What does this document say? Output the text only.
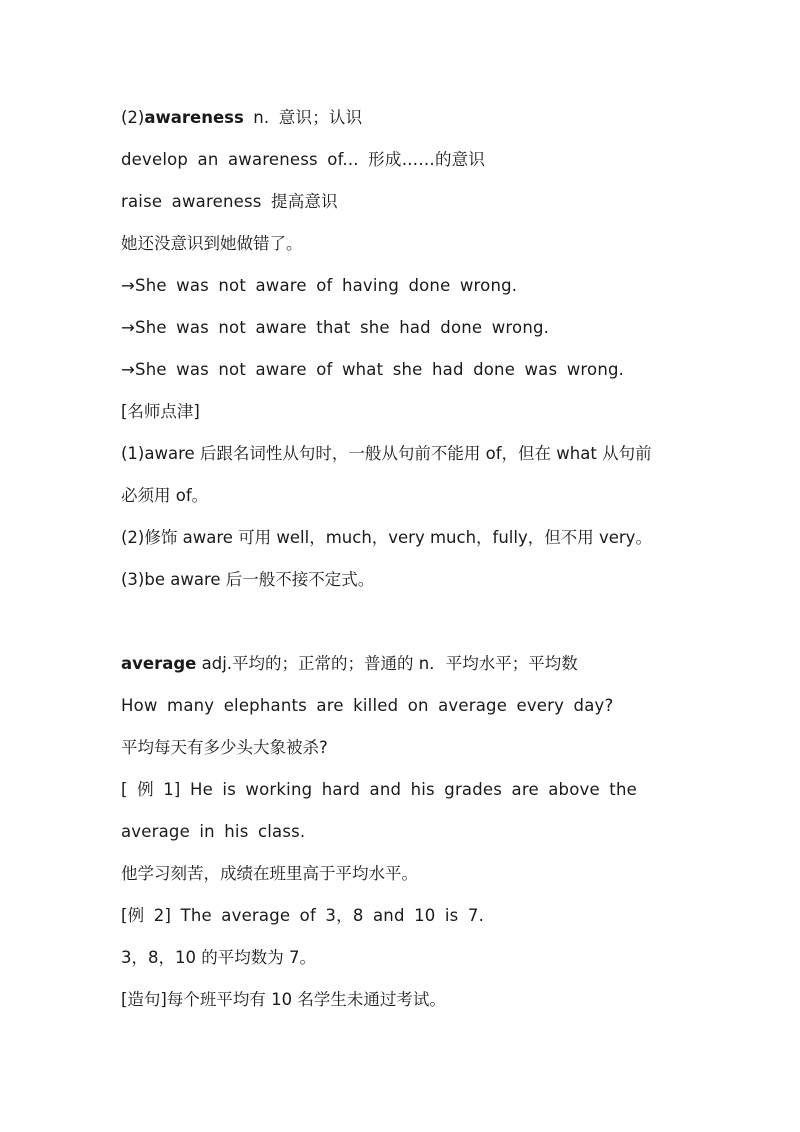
(2)awareness n. 意识；认识
develop an awareness of... 形成……的意识
raise awareness 提高意识
她还没意识到她做错了。
→She was not aware of having done wrong.
→She was not aware that she had done wrong.
→She was not aware of what she had done was wrong.
[名师点津]
(1)aware 后跟名词性从句时，一般从句前不能用 of，但在 what 从句前
必须用 of。
(2)修饰 aware 可用 well，much，very much，fully，但不用 very。
(3)be aware 后一般不接不定式。
average adj.平均的；正常的；普通的 n．平均水平；平均数
How many elephants are killed on average every day?
平均每天有多少头大象被杀?
[ 例 1] He is working hard and his grades are above the
average in his class.
他学习刻苦，成绩在班里高于平均水平。
[例 2] The average of 3，8 and 10 is 7.
3，8，10 的平均数为 7。
[造句]每个班平均有 10 名学生未通过考试。
